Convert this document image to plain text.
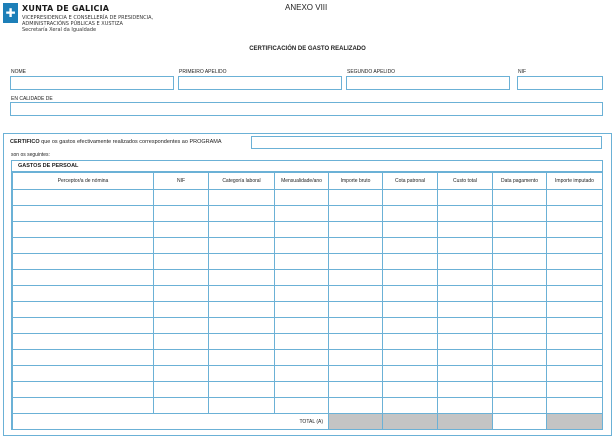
✚ XUNTA DE GALICIA
VICEPRESIDENCIA E CONSELLERÍA DE PRESIDENCIA,
ADMINISTRACIÓNS PÚBLICAS E XUSTIZA
Secretaría Xeral da Igualdade
ANEXO VIII
CERTIFICACIÓN DE GASTO REALIZADO
NOME	PRIMEIRO APELIDO	SEGUNDO APELIDO	NIF
EN CALIDADE DE
CERTIFICO que os gastos efectivamente realizados correspondentes ao PROGRAMA
son os seguintes:
GASTOS DE PERSOAL
Perceptor/a de nómina	NIF	Categoría laboral	Mensualidade/ano	Importe bruto	Cota patronal	Custo total	Data pagamento	Importe imputado

TOTAL (A)								
